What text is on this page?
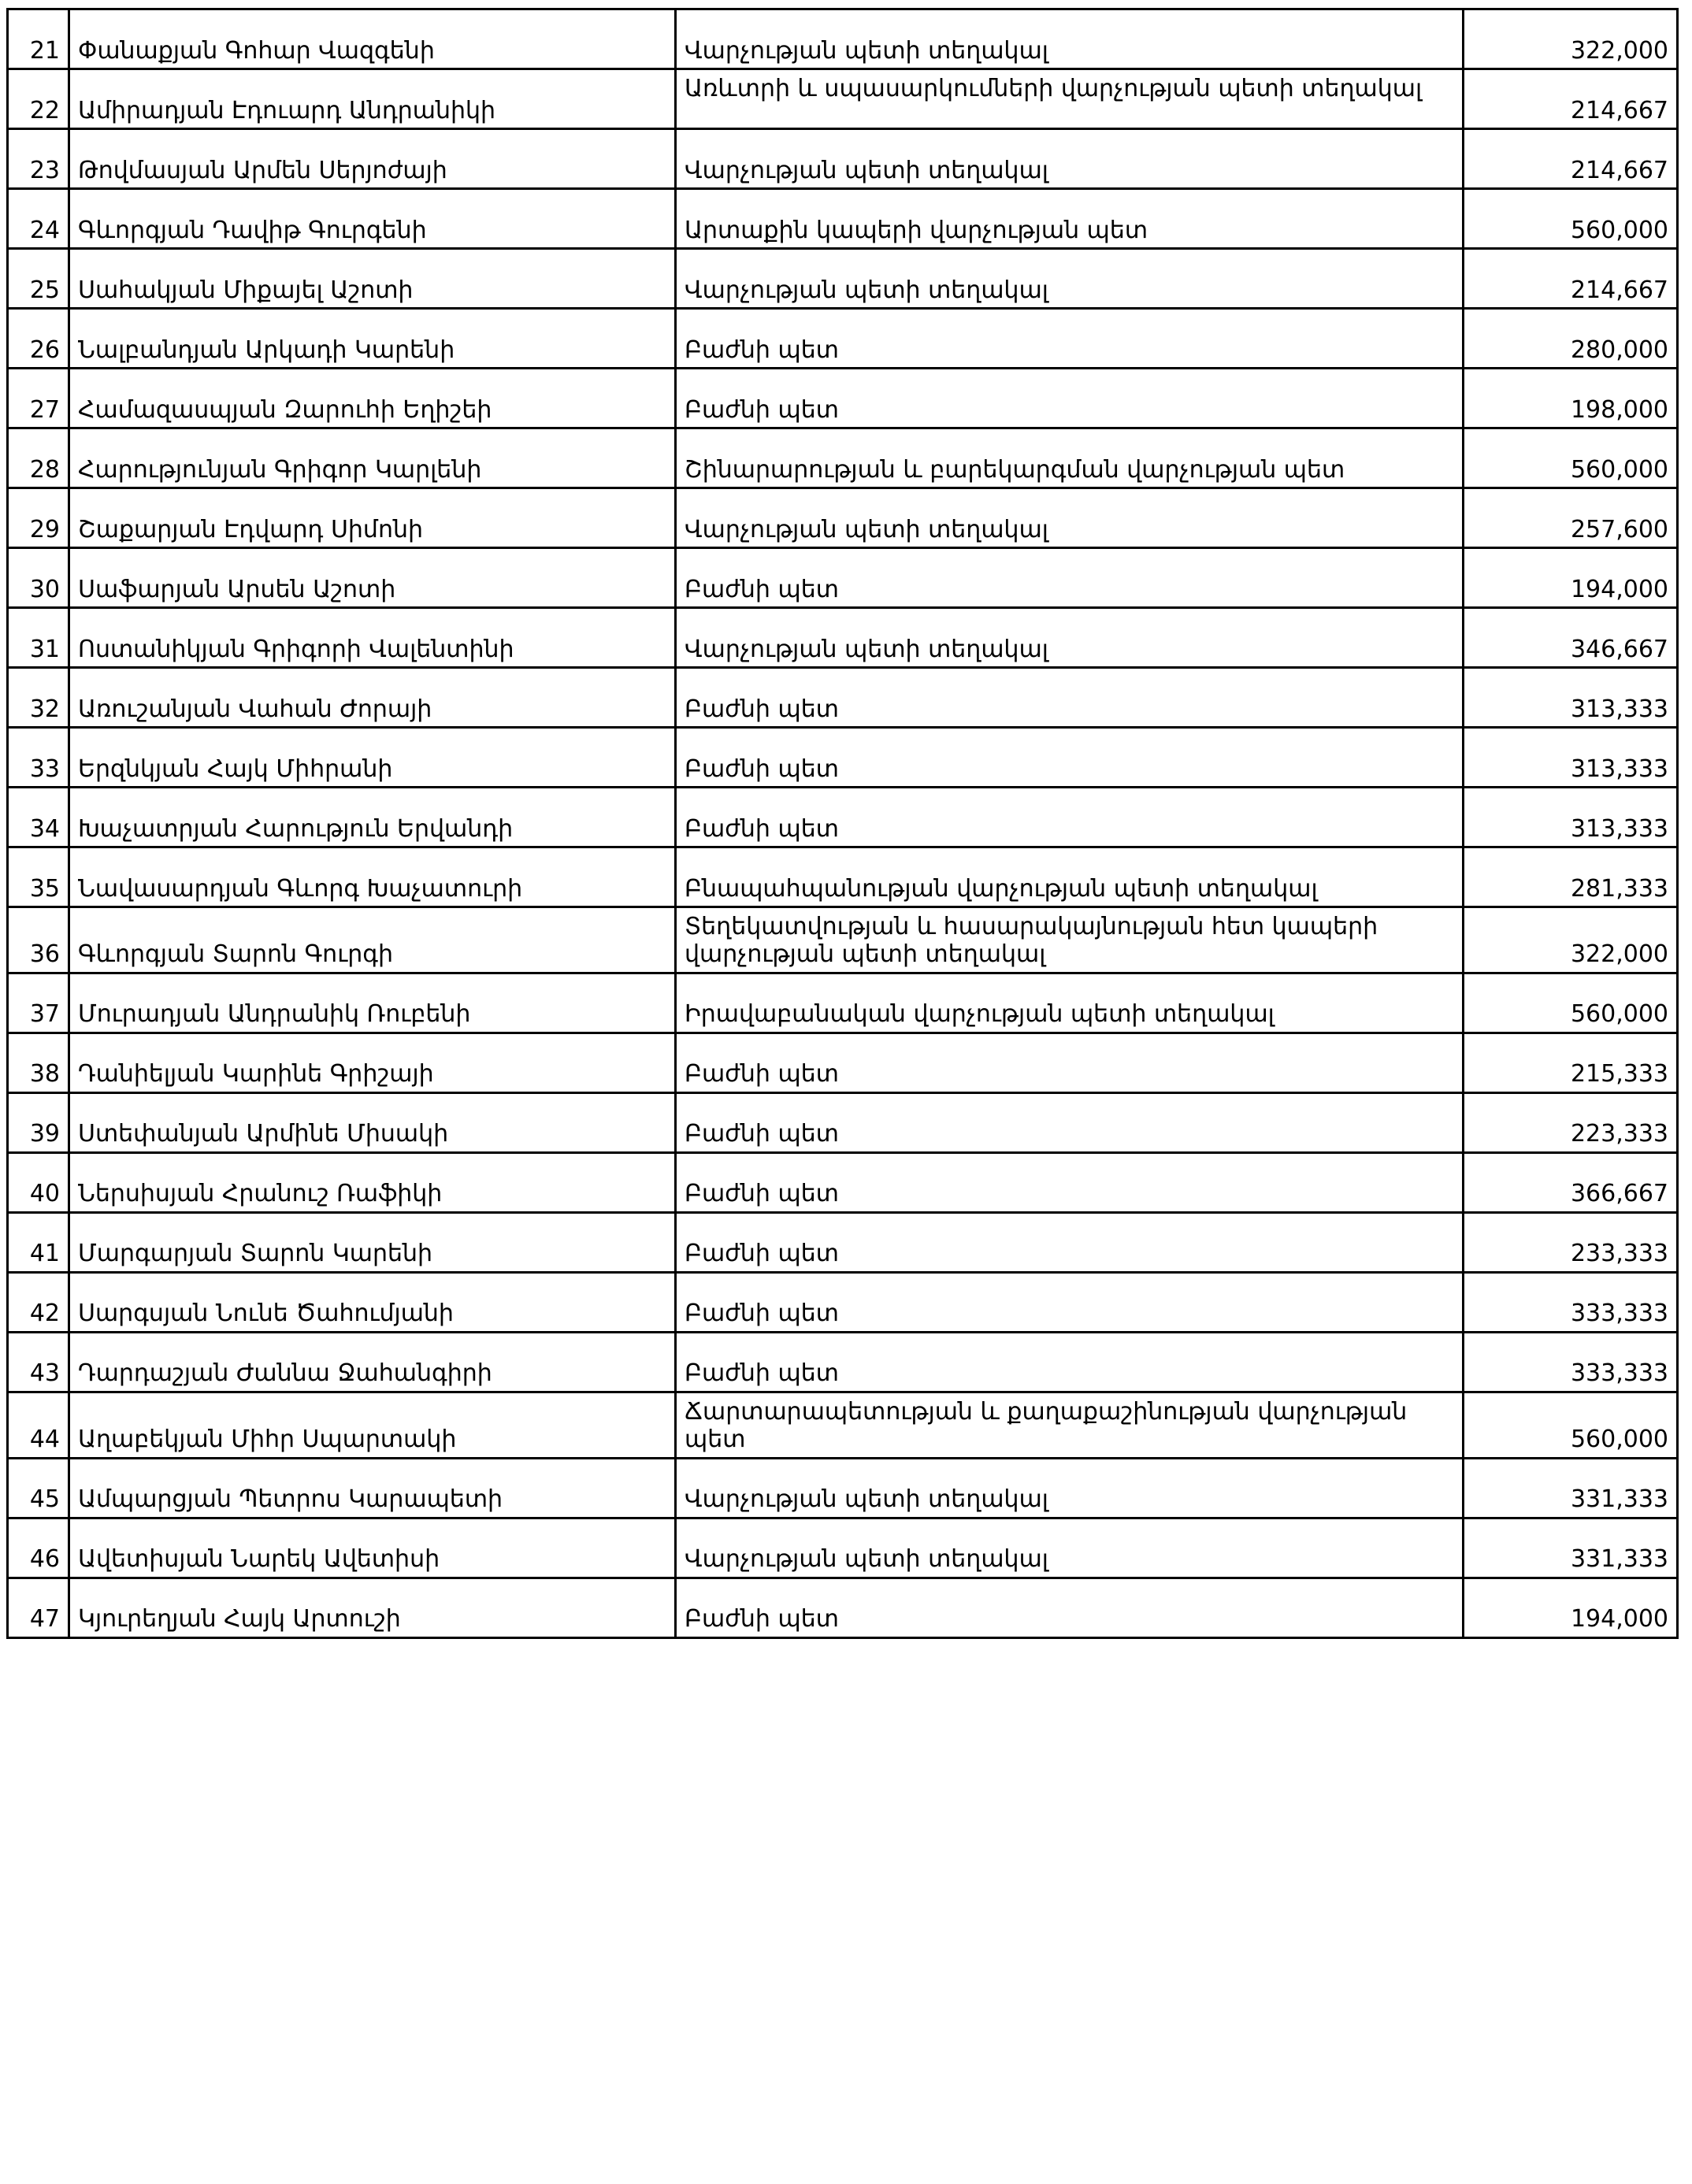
21	Փանաքյան Գոհար Վազգենի	Վարչության պետի տեղակալ	322,000
22	Ամիրադյան Էդուարդ Անդրանիկի	Առևտրի և սպասարկումների վարչության պետի տեղակալ	214,667
23	Թովմասյան Արմեն Սերյոժայի	Վարչության պետի տեղակալ	214,667
24	Գևորգյան Դավիթ Գուրգենի	Արտաքին կապերի վարչության պետ	560,000
25	Սահակյան Միքայել Աշոտի	Վարչության պետի տեղակալ	214,667
26	Նալբանդյան Արկադի Կարենի	Բաժնի պետ	280,000
27	Համազասպյան Զարուհի Եղիշեի	Բաժնի պետ	198,000
28	Հարությունյան Գրիգոր Կարլենի	Շինարարության և բարեկարգման վարչության պետ	560,000
29	Շաքարյան Էդվարդ Սիմոնի	Վարչության պետի տեղակալ	257,600
30	Սաֆարյան Արսեն Աշոտի	Բաժնի պետ	194,000
31	Ոստանիկյան Գրիգորի Վալենտինի	Վարչության պետի տեղակալ	346,667
32	Առուշանյան Վահան Ժորայի	Բաժնի պետ	313,333
33	Երզնկյան Հայկ Միհրանի	Բաժնի պետ	313,333
34	Խաչատրյան Հարություն Երվանդի	Բաժնի պետ	313,333
35	Նավասարդյան Գևորգ Խաչատուրի	Բնապահպանության վարչության պետի տեղակալ	281,333
36	Գևորգյան Տարոն Գուրգի	Տեղեկատվության և հասարակայնության հետ կապերի վարչության պետի տեղակալ	322,000
37	Մուրադյան Անդրանիկ Ռուբենի	Իրավաբանական վարչության պետի տեղակալ	560,000
38	Դանիելյան Կարինե Գրիշայի	Բաժնի պետ	215,333
39	Ստեփանյան Արմինե Միսակի	Բաժնի պետ	223,333
40	Ներսիսյան Հրանուշ Ռաֆիկի	Բաժնի պետ	366,667
41	Մարգարյան Տարոն Կարենի	Բաժնի պետ	233,333
42	Սարգսյան Նունե Ծահումյանի	Բաժնի պետ	333,333
43	Դարդաշյան Ժաննա Ջահանգիրի	Բաժնի պետ	333,333
44	Աղաբեկյան Միհր Սպարտակի	Ճարտարապետության և քաղաքաշինության վարչության պետ	560,000
45	Ամպարցյան Պետրոս Կարապետի	Վարչության պետի տեղակալ	331,333
46	Ավետիսյան Նարեկ Ավետիսի	Վարչության պետի տեղակալ	331,333
47	Կյուրեղյան Հայկ Արտուշի	Բաժնի պետ	194,000
